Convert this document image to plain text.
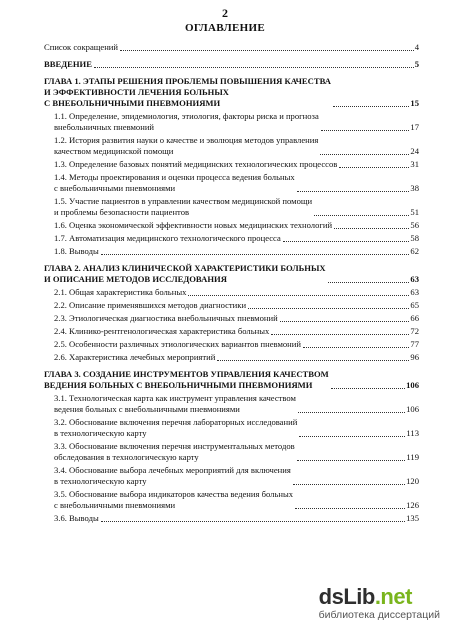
2
ОГЛАВЛЕНИЕ
Список сокращений	4
ВВЕДЕНИЕ	5
ГЛАВА 1. ЭТАПЫ РЕШЕНИЯ ПРОБЛЕМЫ ПОВЫШЕНИЯ КАЧЕСТВА
И ЭФФЕКТИВНОСТИ ЛЕЧЕНИЯ БОЛЬНЫХ
С ВНЕБОЛЬНИЧНЫМИ ПНЕВМОНИЯМИ	15
1.1. Определение, эпидемиология, этиология, факторы риска и прогноза
внебольничных пневмоний	17
1.2. История развития науки о качестве и эволюция методов управления
качеством медицинской помощи	24
1.3. Определение базовых понятий медицинских технологических процессов	31
1.4. Методы проектирования и оценки процесса ведения больных
с внебольничными пневмониями	38
1.5. Участие пациентов в управлении качеством медицинской помощи
и проблемы безопасности пациентов	51
1.6. Оценка экономической эффективности новых медицинских технологий	56
1.7. Автоматизация медицинского технологического процесса	58
1.8. Выводы	62
ГЛАВА 2. АНАЛИЗ КЛИНИЧЕСКОЙ ХАРАКТЕРИСТИКИ БОЛЬНЫХ
И ОПИСАНИЕ МЕТОДОВ ИССЛЕДОВАНИЯ	63
2.1. Общая характеристика больных	63
2.2. Описание применявшихся методов диагностики	65
2.3. Этиологическая диагностика внебольничных пневмоний	66
2.4. Клинико-рентгенологическая характеристика больных	72
2.5. Особенности различных этиологических вариантов пневмоний	77
2.6. Характеристика лечебных мероприятий	96
ГЛАВА 3. СОЗДАНИЕ ИНСТРУМЕНТОВ УПРАВЛЕНИЯ КАЧЕСТВОМ
ВЕДЕНИЯ БОЛЬНЫХ С ВНЕБОЛЬНИЧНЫМИ ПНЕВМОНИЯМИ	106
3.1. Технологическая карта как инструмент управления качеством
ведения больных с внебольничными пневмониями	106
3.2. Обоснование включения перечня лабораторных исследований
в технологическую карту	113
3.3. Обоснование включения перечня инструментальных методов
обследования в технологическую карту	119
3.4. Обоснование выбора лечебных мероприятий для включения
в технологическую карту	120
3.5. Обоснование выбора индикаторов качества ведения больных
с внебольничными пневмониями	126
3.6. Выводы	135
dsLib.net
библиотека диссертаций
